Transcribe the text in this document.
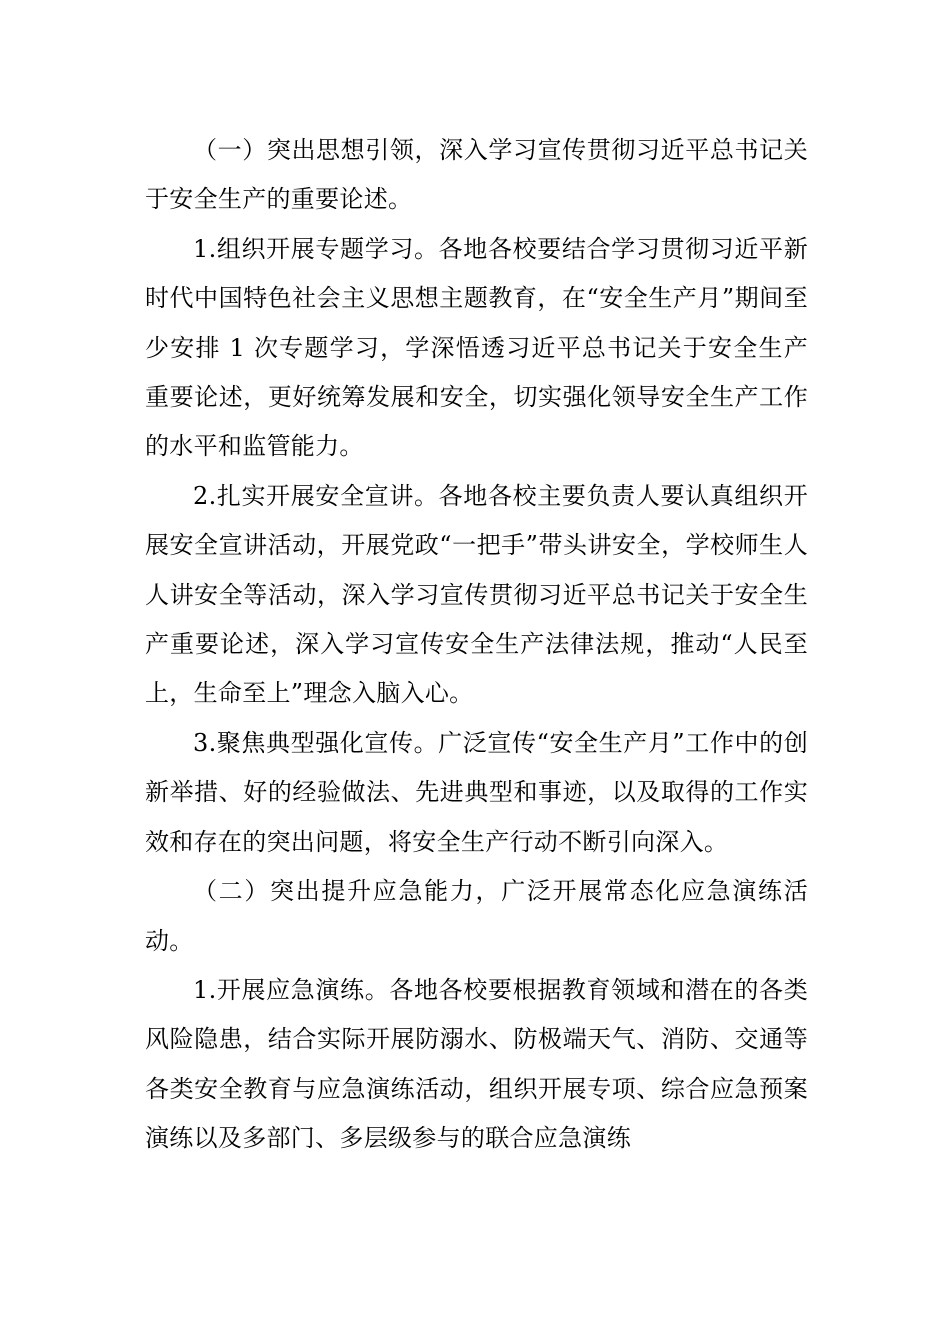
（一）突出思想引领，深入学习宣传贯彻习近平总书记关于安全生产的重要论述。

1.组织开展专题学习。各地各校要结合学习贯彻习近平新时代中国特色社会主义思想主题教育，在“安全生产月”期间至少安排 1 次专题学习，学深悟透习近平总书记关于安全生产重要论述，更好统筹发展和安全，切实强化领导安全生产工作的水平和监管能力。

2.扎实开展安全宣讲。各地各校主要负责人要认真组织开展安全宣讲活动，开展党政“一把手”带头讲安全，学校师生人人讲安全等活动，深入学习宣传贯彻习近平总书记关于安全生产重要论述，深入学习宣传安全生产法律法规，推动“人民至上，生命至上”理念入脑入心。

3.聚焦典型强化宣传。广泛宣传“安全生产月”工作中的创新举措、好的经验做法、先进典型和事迹，以及取得的工作实效和存在的突出问题，将安全生产行动不断引向深入。

（二）突出提升应急能力，广泛开展常态化应急演练活动。

1.开展应急演练。各地各校要根据教育领域和潜在的各类风险隐患，结合实际开展防溺水、防极端天气、消防、交通等各类安全教育与应急演练活动，组织开展专项、综合应急预案演练以及多部门、多层级参与的联合应急演练
